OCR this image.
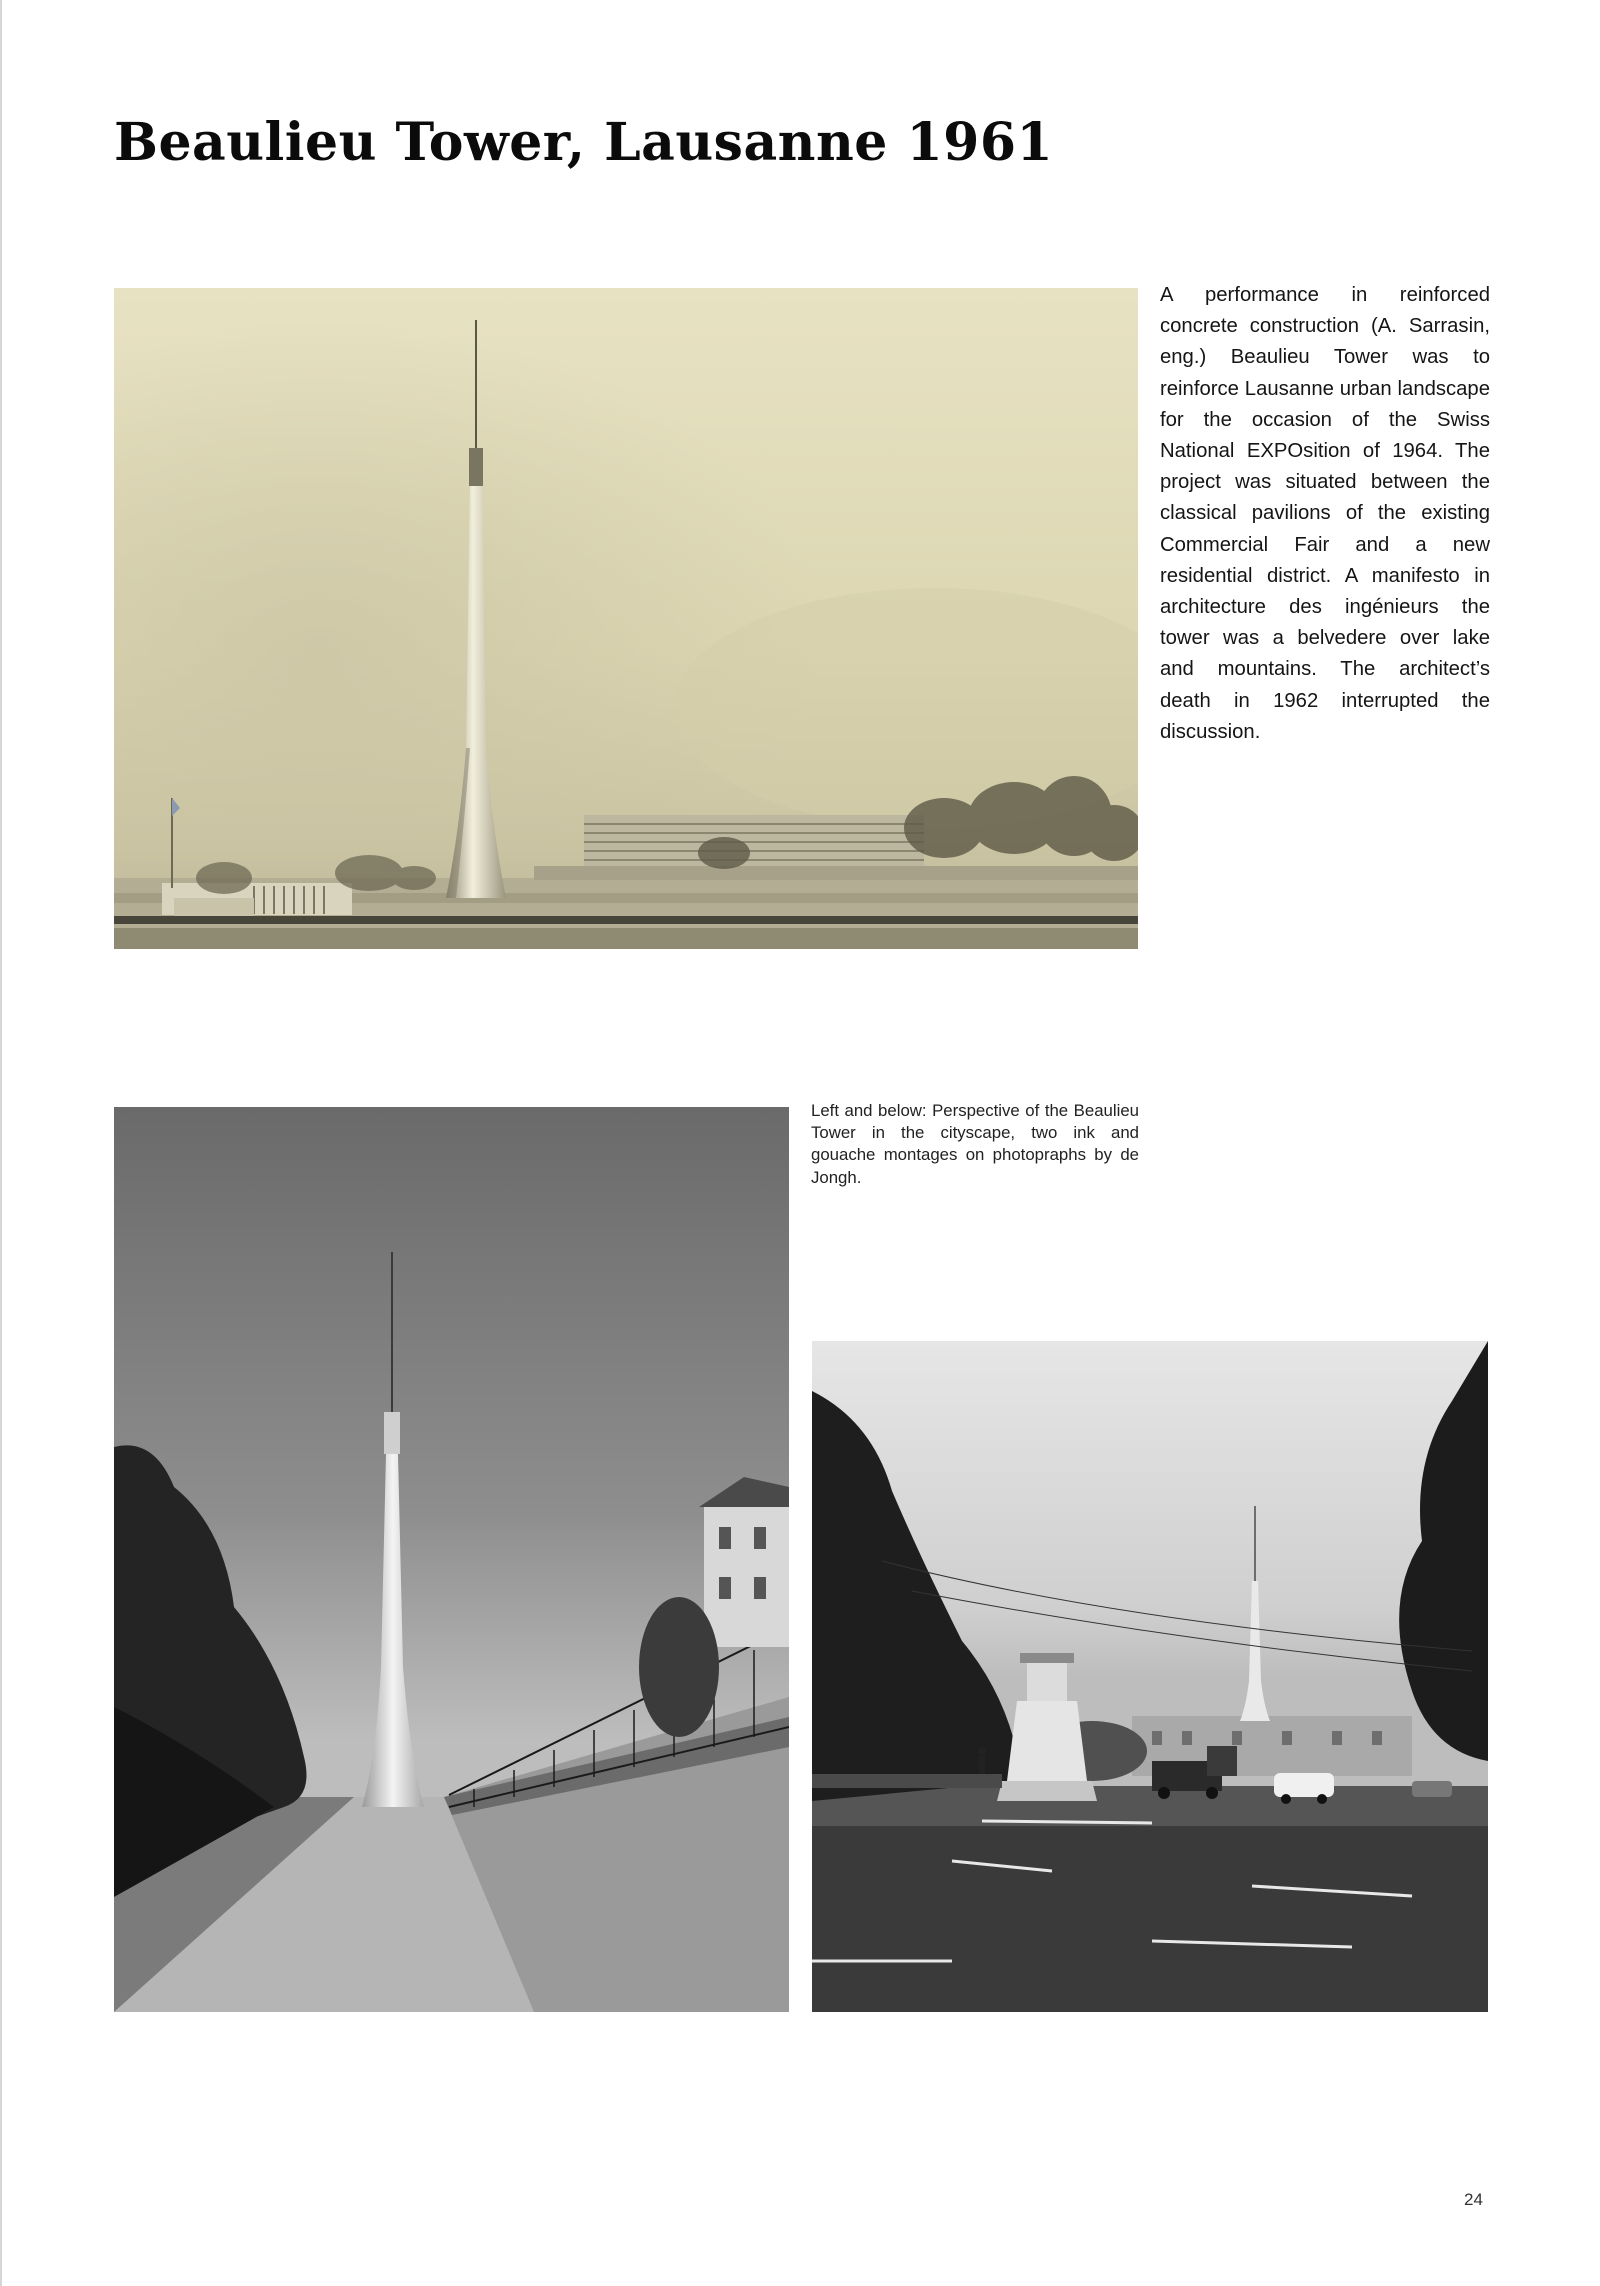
Beaulieu Tower, Lausanne 1961

A performance in reinforced concrete construction (A. Sarrasin, eng.) Beaulieu Tower was to reinforce Lausanne urban landscape for the occasion of the Swiss National EXPOsition of 1964. The project was situated between the classical pavilions of the existing Commercial Fair and a new residential district. A manifesto in architecture des ingénieurs the tower was a belvedere over lake and mountains. The architect’s death in 1962 interrupted the discussion.

Left and below: Perspective of the Beaulieu Tower in the cityscape, two ink and gouache montages on photopraphs by de Jongh.

24
